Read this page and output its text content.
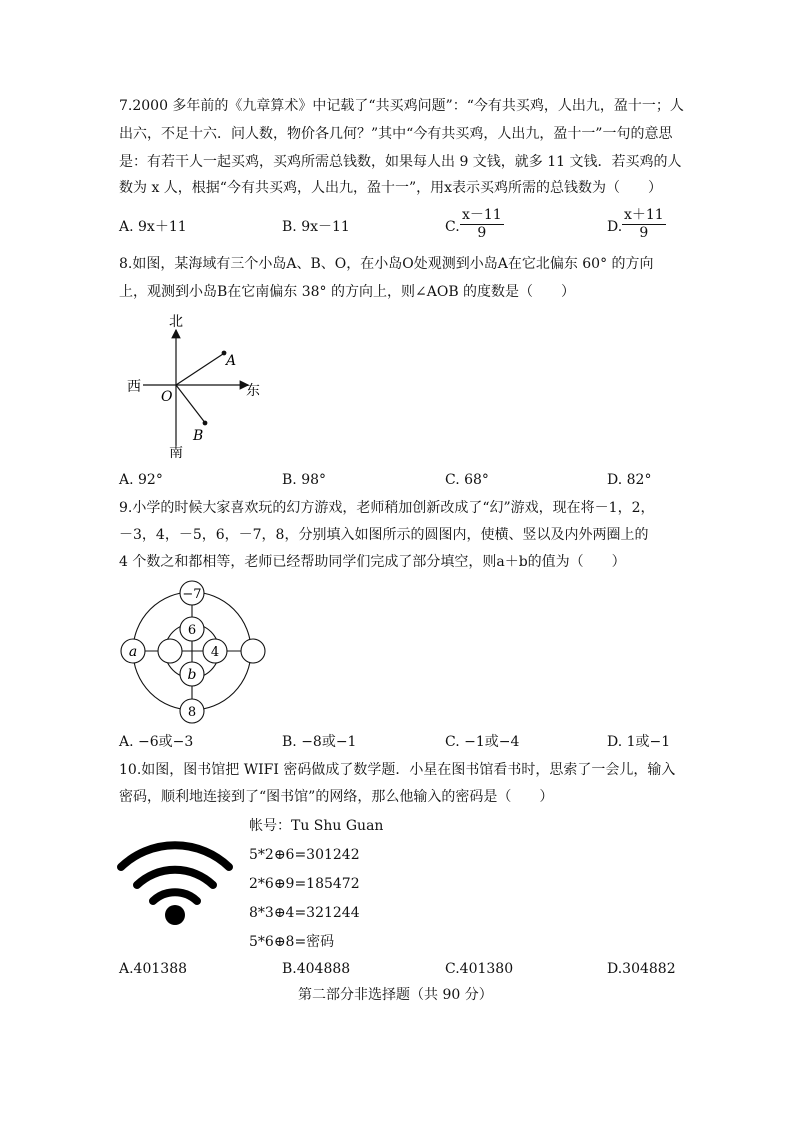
7.2000 多年前的《九章算术》中记载了“共买鸡问题”：“今有共买鸡，人出九，盈十一；人
出六，不足十六．问人数，物价各几何？”其中“今有共买鸡，人出九，盈十一”一句的意思
是：有若干人一起买鸡，买鸡所需总钱数，如果每人出 9 文钱，就多 11 文钱．若买鸡的人
数为 x 人，根据“今有共买鸡，人出九，盈十一”，用x表示买鸡所需的总钱数为（　　）
A. 9x＋11	B. 9x－11	C. $\frac{x-11}{9}$	D. $\frac{x+11}{9}$
8.如图，某海域有三个小岛A、B、O，在小岛O处观测到小岛A在它北偏东 60° 的方向
上，观测到小岛B在它南偏东 38° 的方向上，则∠AOB 的度数是（　　）
北
南
东
西
O
A
B
A. 92°	B. 98°	C. 68°	D. 82°
9.小学的时候大家喜欢玩的幻方游戏，老师稍加创新改成了“幻”游戏，现在将－1，2，
－3，4，－5，6，－7，8，分别填入如图所示的圆图内，使横、竖以及内外两圈上的
4 个数之和都相等，老师已经帮助同学们完成了部分填空，则a＋b的值为（　　）
−7
8
a
6
4
b
A. −6或−3	B. −8或−1	C. −1或−4	D. 1或−1
10.如图，图书馆把 WIFI 密码做成了数学题．小星在图书馆看书时，思索了一会儿，输入
密码，顺利地连接到了“图书馆”的网络，那么他输入的密码是（　　）
帐号：Tu Shu Guan
5*2⊕6=301242
2*6⊕9=185472
8*3⊕4=321244
5*6⊕8=密码
A.401388	B.404888	C.401380	D.304882
第二部分非选择题（共 90 分）
